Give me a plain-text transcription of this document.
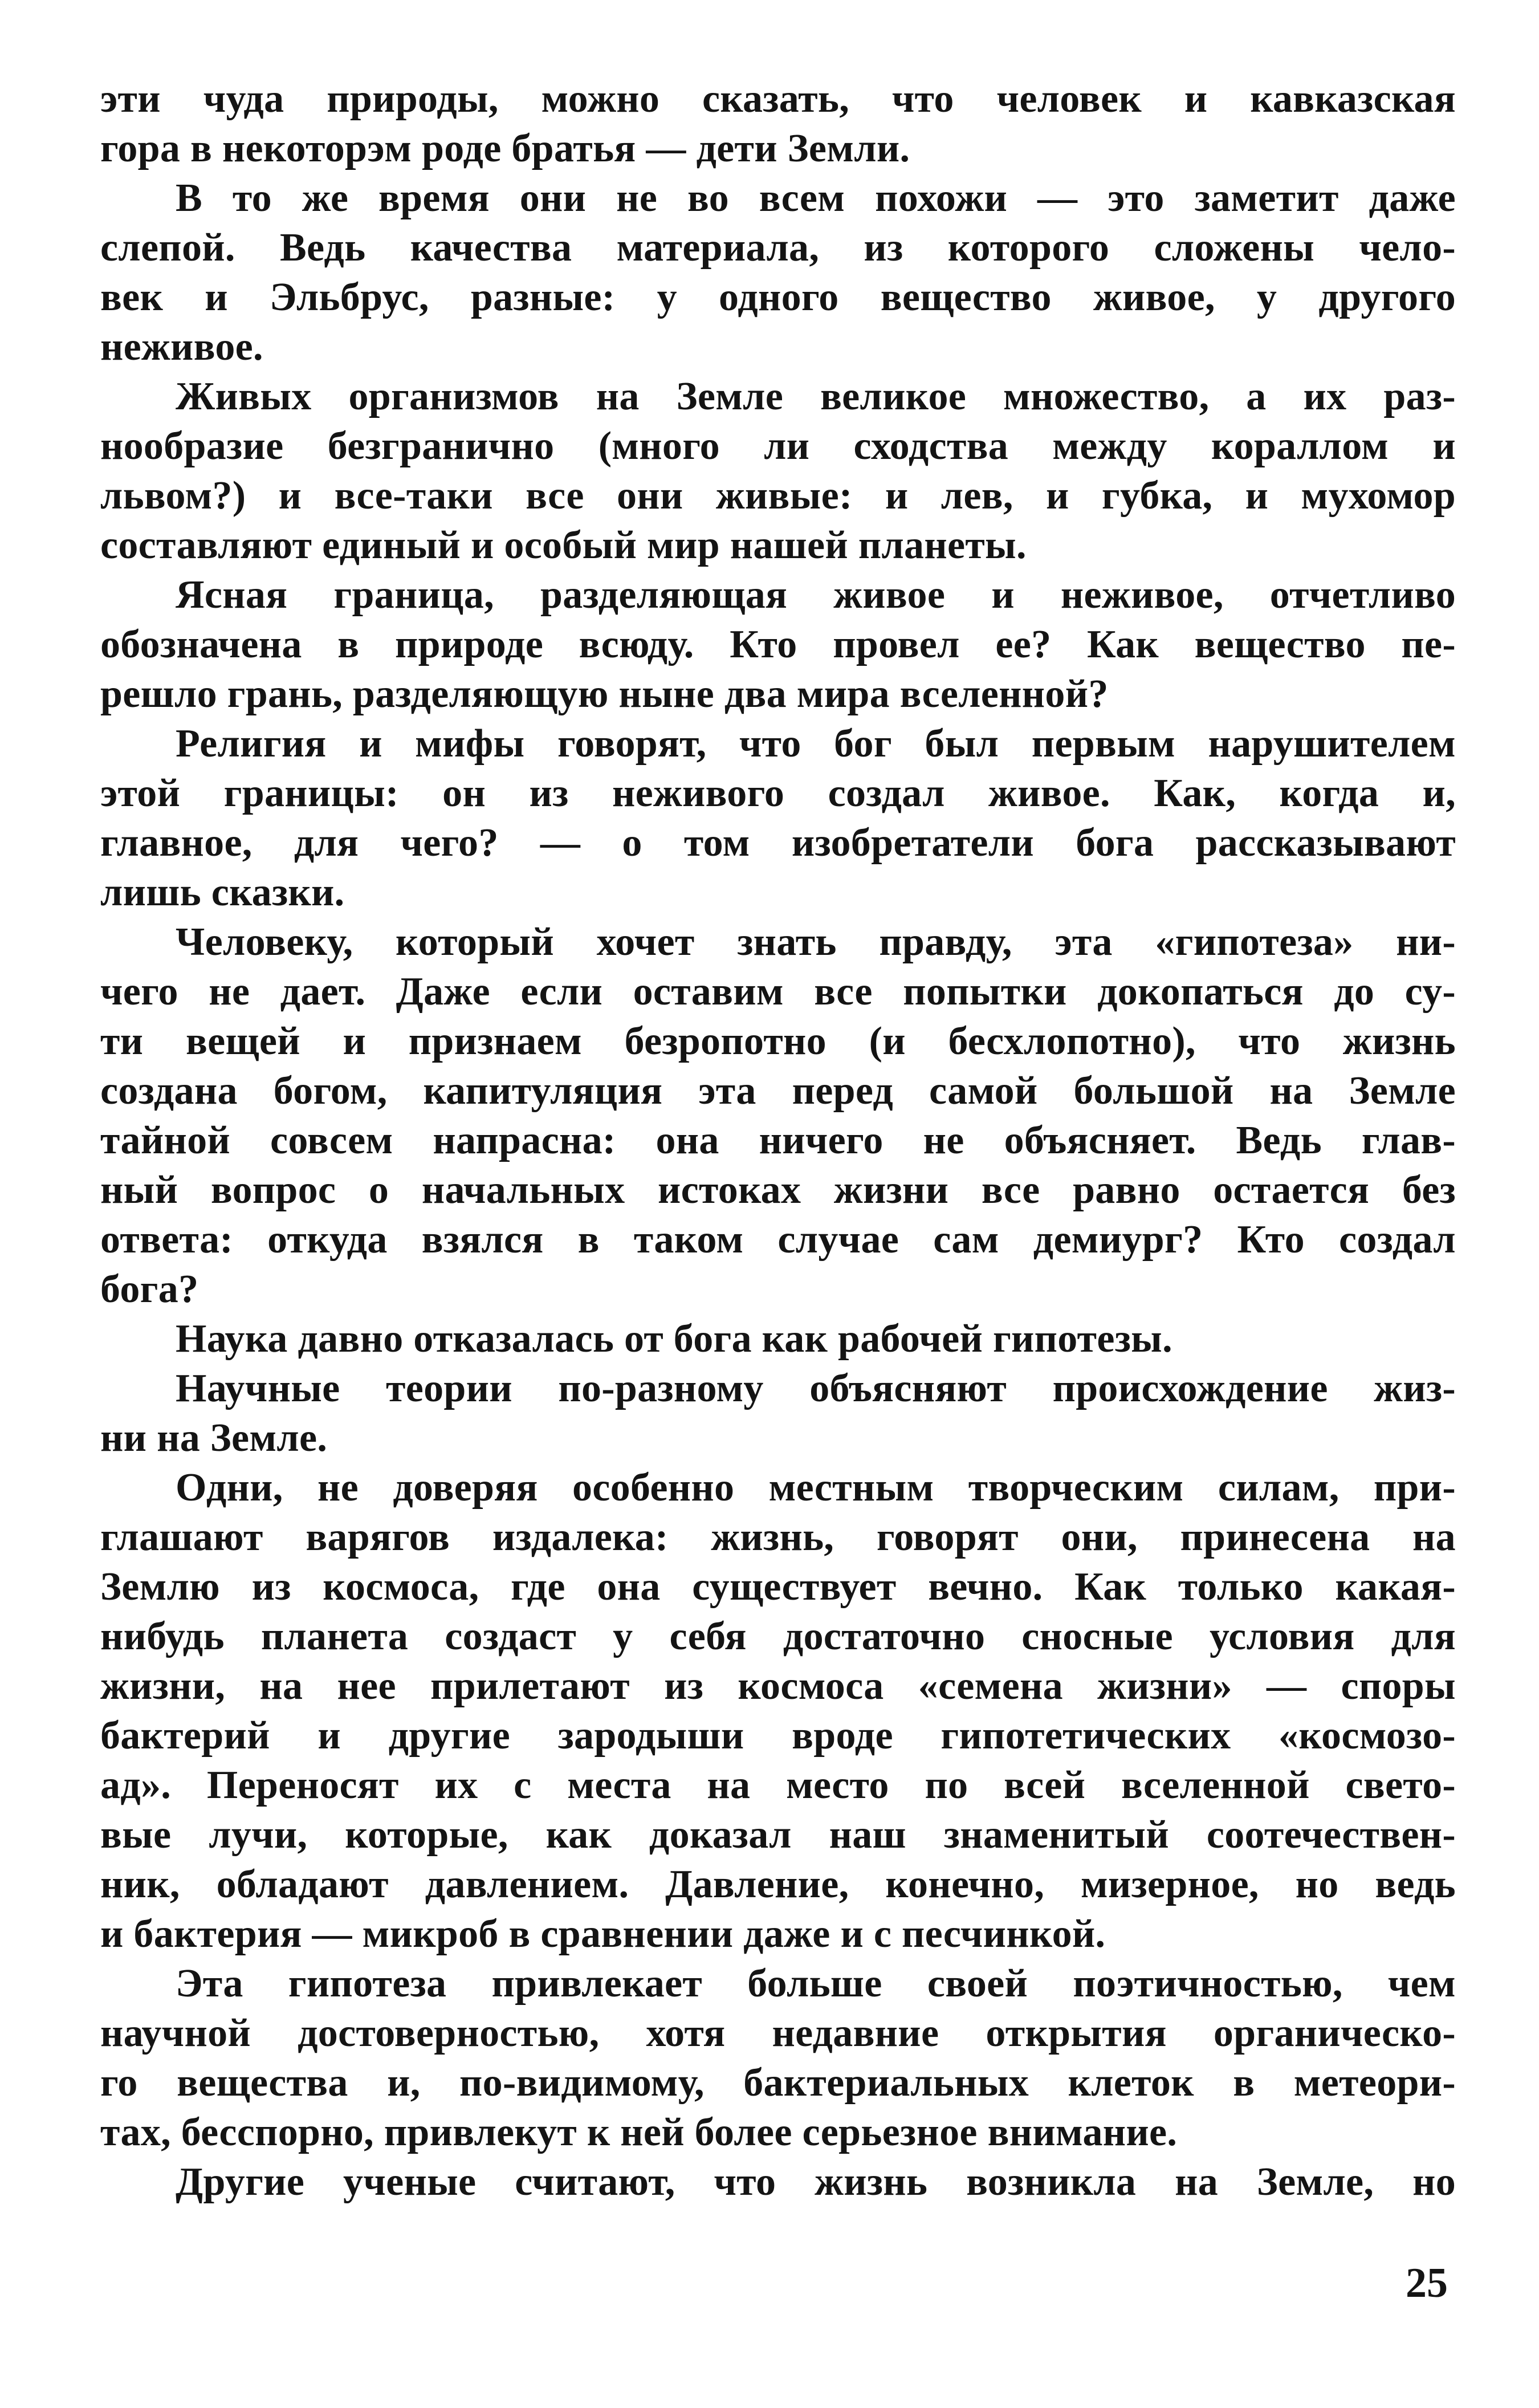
эти чуда природы, можно сказать, что человек и кавказская
гора в некоторэм роде братья — дети Земли.
В то же время они не во всем похожи — это заметит даже
слепой. Ведь качества материала, из которого сложены чело-
век и Эльбрус, разные: у одного вещество живое, у другого
неживое.
Живых организмов на Земле великое множество, а их раз-
нообразие безгранично (много ли сходства между кораллом и
львом?) и все-таки все они живые: и лев, и губка, и мухомор
составляют единый и особый мир нашей планеты.
Ясная граница, разделяющая живое и неживое, отчетливо
обозначена в природе всюду. Кто провел ее? Как вещество пе-
решло грань, разделяющую ныне два мира вселенной?
Религия и мифы говорят, что бог был первым нарушителем
этой границы: он из неживого создал живое. Как, когда и,
главное, для чего? — о том изобретатели бога рассказывают
лишь сказки.
Человеку, который хочет знать правду, эта «гипотеза» ни-
чего не дает. Даже если оставим все попытки докопаться до су-
ти вещей и признаем безропотно (и бесхлопотно), что жизнь
создана богом, капитуляция эта перед самой большой на Земле
тайной совсем напрасна: она ничего не объясняет. Ведь глав-
ный вопрос о начальных истоках жизни все равно остается без
ответа: откуда взялся в таком случае сам демиург? Кто создал
бога?
Наука давно отказалась от бога как рабочей гипотезы.
Научные теории по-разному объясняют происхождение жиз-
ни на Земле.
Одни, не доверяя особенно местным творческим силам, при-
глашают варягов издалека: жизнь, говорят они, принесена на
Землю из космоса, где она существует вечно. Как только какая-
нибудь планета создаст у себя достаточно сносные условия для
жизни, на нее прилетают из космоса «семена жизни» — споры
бактерий и другие зародыши вроде гипотетических «космозо-
ад». Переносят их с места на место по всей вселенной свето-
вые лучи, которые, как доказал наш знаменитый соотечествен-
ник, обладают давлением. Давление, конечно, мизерное, но ведь
и бактерия — микроб в сравнении даже и с песчинкой.
Эта гипотеза привлекает больше своей поэтичностью, чем
научной достоверностью, хотя недавние открытия органическо-
го вещества и, по-видимому, бактериальных клеток в метеори-
тах, бесспорно, привлекут к ней более серьезное внимание.
Другие ученые считают, что жизнь возникла на Земле, но
25
